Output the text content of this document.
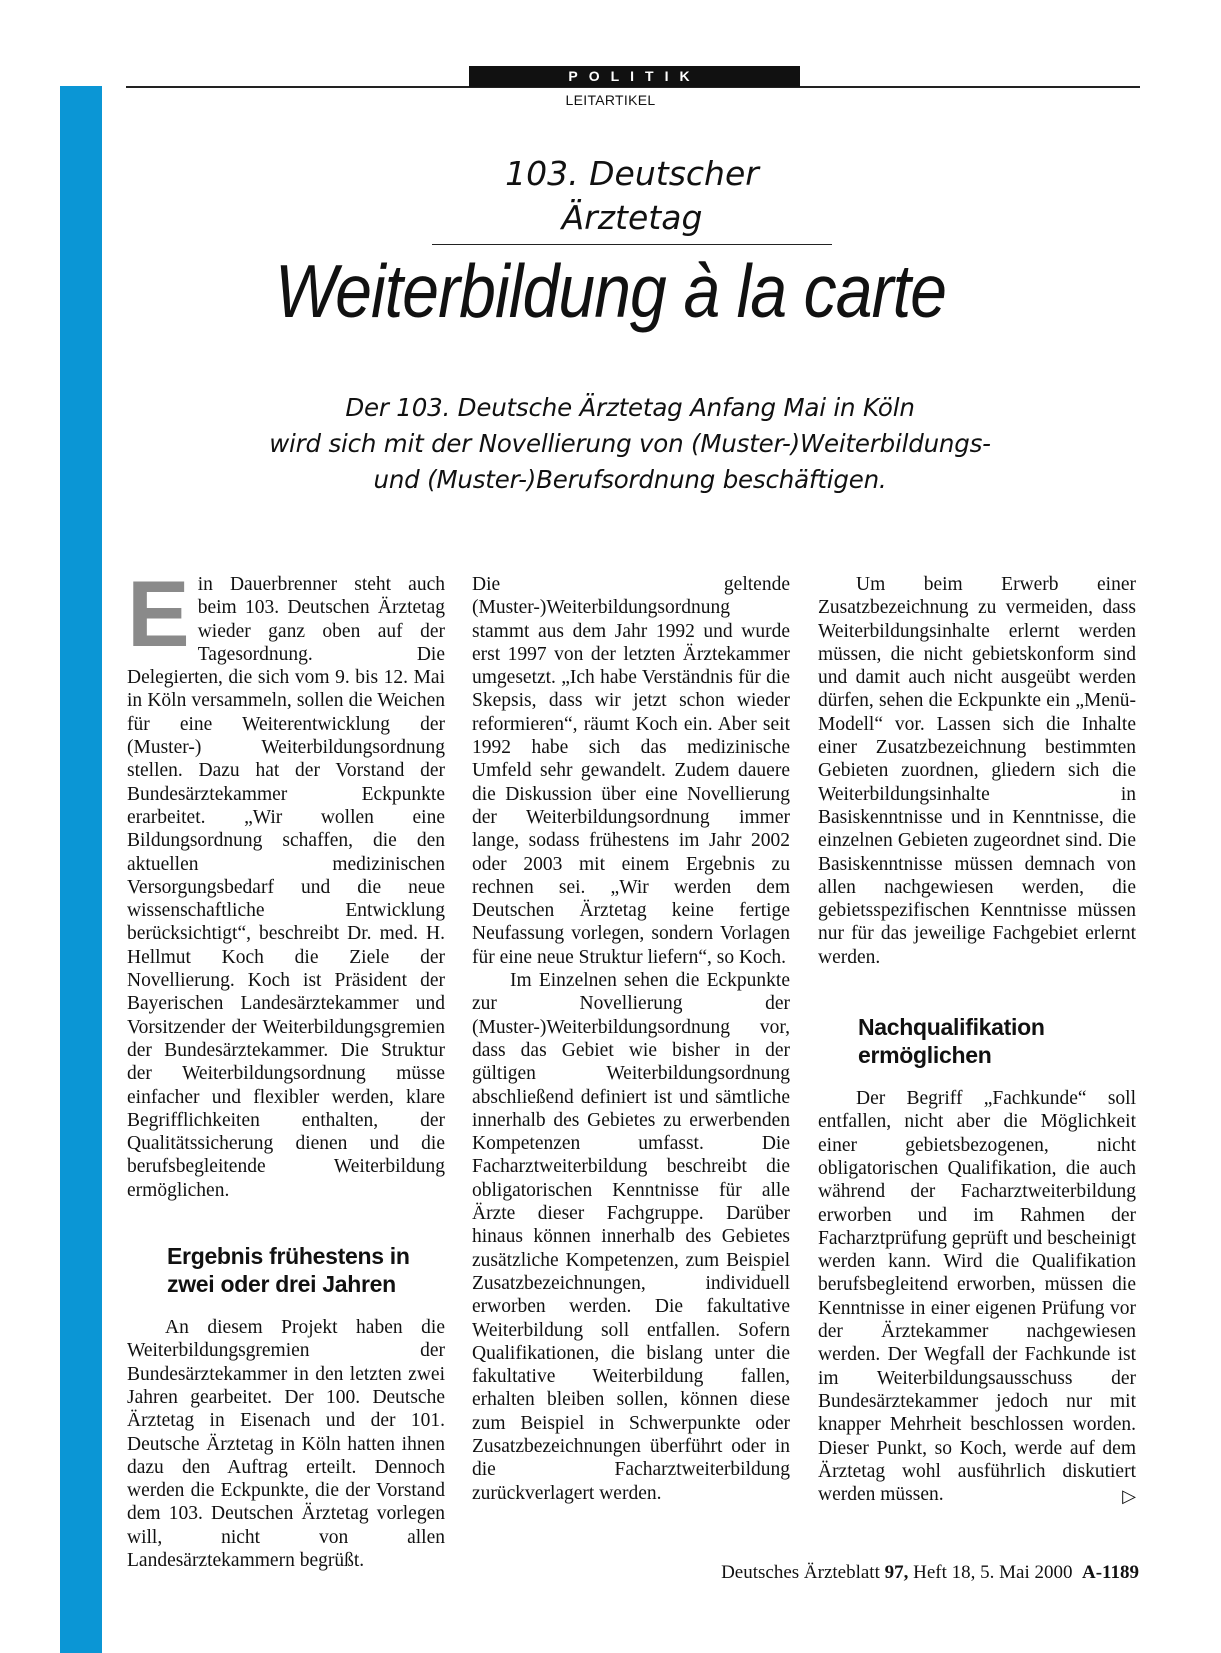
POLITIK
LEITARTIKEL
103. Deutscher Ärztetag
Weiterbildung à la carte
Der 103. Deutsche Ärztetag Anfang Mai in Köln
wird sich mit der Novellierung von (Muster-)Weiterbildungs-
und (Muster-)Berufsordnung beschäftigen.
E in Dauerbrenner steht auch beim 103. Deutschen Ärztetag wieder ganz oben auf der Tagesordnung. Die Delegierten, die sich vom 9. bis 12. Mai in Köln versammeln, sollen die Weichen für eine Weiterentwicklung der (Muster-) Weiterbildungsordnung stellen. Dazu hat der Vorstand der Bundesärztekammer Eckpunkte erarbeitet. „Wir wollen eine Bildungsordnung schaffen, die den aktuellen medizinischen Versorgungsbedarf und die neue wissenschaftliche Entwicklung berücksichtigt“, beschreibt Dr. med. H. Hellmut Koch die Ziele der Novellierung. Koch ist Präsident der Bayerischen Landesärztekammer und Vorsitzender der Weiterbildungsgremien der Bundesärztekammer. Die Struktur der Weiterbildungsordnung müsse einfacher und flexibler werden, klare Begrifflichkeiten enthalten, der Qualitätssicherung dienen und die berufsbegleitende Weiterbildung ermöglichen.

Ergebnis frühestens in zwei oder drei Jahren

An diesem Projekt haben die Weiterbildungsgremien der Bundesärztekammer in den letzten zwei Jahren gearbeitet. Der 100. Deutsche Ärztetag in Eisenach und der 101. Deutsche Ärztetag in Köln hatten ihnen dazu den Auftrag erteilt. Dennoch werden die Eckpunkte, die der Vorstand dem 103. Deutschen Ärztetag vorlegen will, nicht von allen Landesärztekammern begrüßt.

Die geltende (Muster-)Weiterbildungsordnung stammt aus dem Jahr 1992 und wurde erst 1997 von der letzten Ärztekammer umgesetzt. „Ich habe Verständnis für die Skepsis, dass wir jetzt schon wieder reformieren“, räumt Koch ein. Aber seit 1992 habe sich das medizinische Umfeld sehr gewandelt. Zudem dauere die Diskussion über eine Novellierung der Weiterbildungsordnung immer lange, sodass frühestens im Jahr 2002 oder 2003 mit einem Ergebnis zu rechnen sei. „Wir werden dem Deutschen Ärztetag keine fertige Neufassung vorlegen, sondern Vorlagen für eine neue Struktur liefern“, so Koch.

Im Einzelnen sehen die Eckpunkte zur Novellierung der (Muster-)Weiterbildungsordnung vor, dass das Gebiet wie bisher in der gültigen Weiterbildungsordnung abschließend definiert ist und sämtliche innerhalb des Gebietes zu erwerbenden Kompetenzen umfasst. Die Facharztweiterbildung beschreibt die obligatorischen Kenntnisse für alle Ärzte dieser Fachgruppe. Darüber hinaus können innerhalb des Gebietes zusätzliche Kompetenzen, zum Beispiel Zusatzbezeichnungen, individuell erworben werden. Die fakultative Weiterbildung soll entfallen. Sofern Qualifikationen, die bislang unter die fakultative Weiterbildung fallen, erhalten bleiben sollen, können diese zum Beispiel in Schwerpunkte oder Zusatzbezeichnungen überführt oder in die Facharztweiterbildung zurückverlagert werden.

Um beim Erwerb einer Zusatzbezeichnung zu vermeiden, dass Weiterbildungsinhalte erlernt werden müssen, die nicht gebietskonform sind und damit auch nicht ausgeübt werden dürfen, sehen die Eckpunkte ein „Menü-Modell“ vor. Lassen sich die Inhalte einer Zusatzbezeichnung bestimmten Gebieten zuordnen, gliedern sich die Weiterbildungsinhalte in Basiskenntnisse und in Kenntnisse, die einzelnen Gebieten zugeordnet sind. Die Basiskenntnisse müssen demnach von allen nachgewiesen werden, die gebietsspezifischen Kenntnisse müssen nur für das jeweilige Fachgebiet erlernt werden.

Nachqualifikation ermöglichen

Der Begriff „Fachkunde“ soll entfallen, nicht aber die Möglichkeit einer gebietsbezogenen, nicht obligatorischen Qualifikation, die auch während der Facharztweiterbildung erworben und im Rahmen der Facharztprüfung geprüft und bescheinigt werden kann. Wird die Qualifikation berufsbegleitend erworben, müssen die Kenntnisse in einer eigenen Prüfung vor der Ärztekammer nachgewiesen werden. Der Wegfall der Fachkunde ist im Weiterbildungsausschuss der Bundesärztekammer jedoch nur mit knapper Mehrheit beschlossen worden. Dieser Punkt, so Koch, werde auf dem Ärztetag wohl ausführlich diskutiert werden müssen.	▷

Deutsches Ärzteblatt 97, Heft 18, 5. Mai 2000 A-1189
